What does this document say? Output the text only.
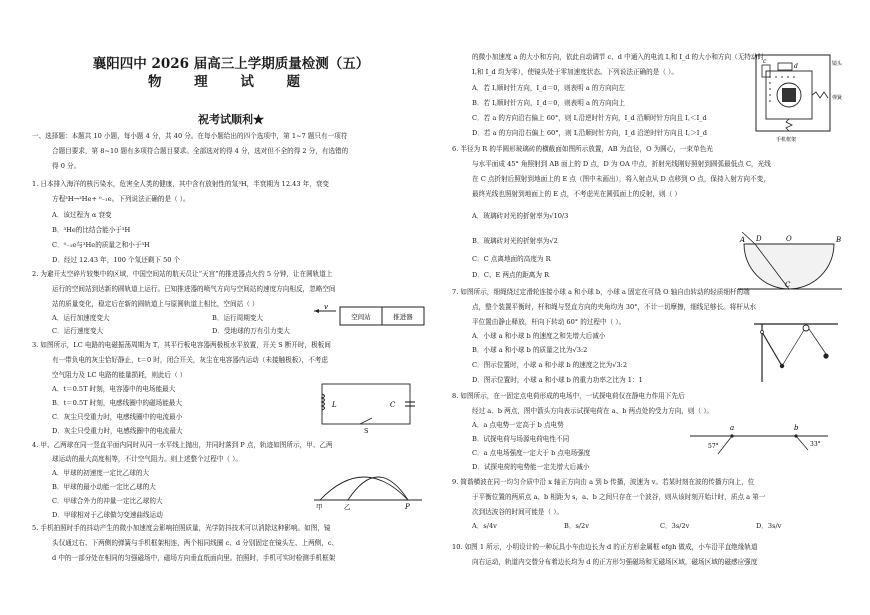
襄阳四中 2026 届高三上学期质量检测（五）
物 理 试 题
祝考试顺利★
一、选择题：本题共 10 小题，每小题 4 分，共 40 分。在每小题给出的四个选项中，第 1~7 题只有一项符
合题目要求，第 8~10 题有多项符合题目要求。全部选对的得 4 分，选对但不全的得 2 分，有选错的
得 0 分。
1. 日本排入海洋的核污染水，危害全人类的健康，其中含有放射性的氚³H，半衰期为 12.43 年，衰变
方程³H→³He+ ⁰₋₁e。下列说法正确的是（ ）。
A．该过程为 α 衰变
B．³He的比结合能小于³H
C．⁰₋₁e与³He的质量之和小于³H
D．经过 12.43 年，100 个氚还剩下 50 个
2. 为避开太空碎片较集中的区域，中国空间站的航天员让“天宫”的推进器点火约 5 分钟，让在圆轨道上
运行的空间站到达新的圆轨道上运行。已知推进器的喷气方向与空间站的速度方向相反，忽略空间
站的质量变化，稳定后在新的圆轨道上与原圆轨道上相比，空间站（ ）
A．运行加速度变大	B．运行周期变大
C．运行速度变大	D．受地球的万有引力变大
v
空间站	推进器
3. 如图所示，LC 电路的电磁振荡周期为 T，其平行板电容器两极板水平放置，开关 S 断开时，极板间
有一带负电的灰尘恰好静止，t＝0 时，闭合开关，灰尘在电容器内运动（未接触极板），不考虑
空气阻力及 LC 电路的能量损耗，则此后（ ）
A．t＝0.5T 时刻，电容器中的电场能最大
B．t＝0.5T 时刻，电感线圈中的磁场能最大
C．灰尘只受重力时，电感线圈中的电流最小
D．灰尘只受重力时，电感线圈中的电流最大
L	C
S
4. 甲、乙两球在同一竖直平面内同时从同一水平线上抛出，并同时落到 P 点，轨迹如图所示，甲、乙两
球运动的最大高度相等，不计空气阻力。则上述整个过程中（ ）。
A．甲球的初速度一定比乙球的大
B．甲球的最小动能一定比乙球的大
C．甲球合外力的冲量一定比乙球的大
D．甲球相对于乙球做匀变速曲线运动
甲	乙	P
5. 手机拍照时手的抖动产生的微小加速度会影响拍照质量，光学防抖技术可以消除这种影响。如图，镜
头仅通过右、下两侧的弹簧与手机框架相连，两个相同线圈 c、d 分别固定在镜头左、上两侧，c、
d 中的一部分处在相同的匀强磁场中，磁场方向垂直纸面向里。拍照时，手机可实时检测手机框架
的微小加速度 a 的大小和方向，依此自动调节 c、d 中通入的电流 I꜀和 I_d 的大小和方向（无特动时
I꜀和 I_d 均为零），使镜头处于零加速度状态。下列说法正确的是（ ）。
A．若 I꜀顺时针方向，I_d＝0，则表明 a 的方向向左
B．若 I꜀顺时针方向，I_d＝0，则表明 a 的方向向上
C．若 a 的方向沿右偏上 60°，则 I꜀沿逆时针方向，I_d 沿顺时针方向且 I꜀＜I_d
D．若 a 的方向沿右偏上 60°，则 I꜀沿顺时针方向，I_d 沿逆时针方向且 I꜀＞I_d
c
d	镜头
弹簧
手机框架
6. 半径为 R 的半圆形玻璃砖的横截面如图所示放置，AB 为直径，O 为圆心，一束单色光
与水平面成 45° 角照射到 AB 面上的 D 点，D 为 OA 中点，折射光线刚好照射到圆弧最低点 C，光线
在 C 点折射后照射到地面上的 E 点（图中未画出），将入射点从 D 点移到 O 点，保持入射方向不变，
最终光线也照射到地面上的 E 点，不考虑光在圆弧面上的反射，则（ ）
A．玻璃砖对光的折射率为√10/3
B．玻璃砖对光的折射率为√2
C．C 点离地面的高度为 R
D．C、E 两点的距离为 R
A D	O	B
C
7. 如图所示，细绳绕过定滑轮连接小球 a 和小球 b，小球 a 固定在可绕 O 轴自由转动的轻质细杆的端
点，整个装置平衡时，杆和绳与竖直方向的夹角均为 30°，不计一切摩擦，细线足够长。将杆从水
平位置由静止释放，杆向下转动 60° 的过程中（ ）。
A．小球 a 和小球 b 的速度之和先增大后减小
B．小球 a 和小球 b 的质量之比为√3:2
C．图示位置时，小球 a 和小球 b 的速度之比为√3:2
D．图示位置时，小球 a 和小球 b 的重力功率之比为 1：1
8. 如图所示，在一固定点电荷形成的电场中，一试探电荷仅在静电力作用下先后
经过 a、b 两点，图中箭头方向表示试探电荷在 a、b 两点处的受力方向，则（ ）。
A．a 点电势一定高于 b 点电势
B．试探电荷与场源电荷电性不同
C．a 点电场强度一定大于 b 点电场强度
D．试探电荷的电势能一定先增大后减小
a	b
57°	33°
9. 简谐横波在同一均匀介质中沿 x 轴正方向由 a 到 b 传播，波速为 v。若某时刻在波的传播方向上，位
于平衡位置的两质点 a、b 相距为 s，a、b 之间只存在一个波谷，则从该时刻开始计时，质点 a 第一
次到达波谷的时间可能是（ ）。
A．s/4v	B．s/2v	C．3s/2v	D．3s/v
10. 如图 1 所示，小明设计的一种玩具小车由边长为 d 的正方形金属框 efgh 做成，小车沿平直绝缘轨道
向右运动，轨道内交替分布着边长均为 d 的正方形匀强磁场和无磁场区域，磁场区域的磁感应强度
